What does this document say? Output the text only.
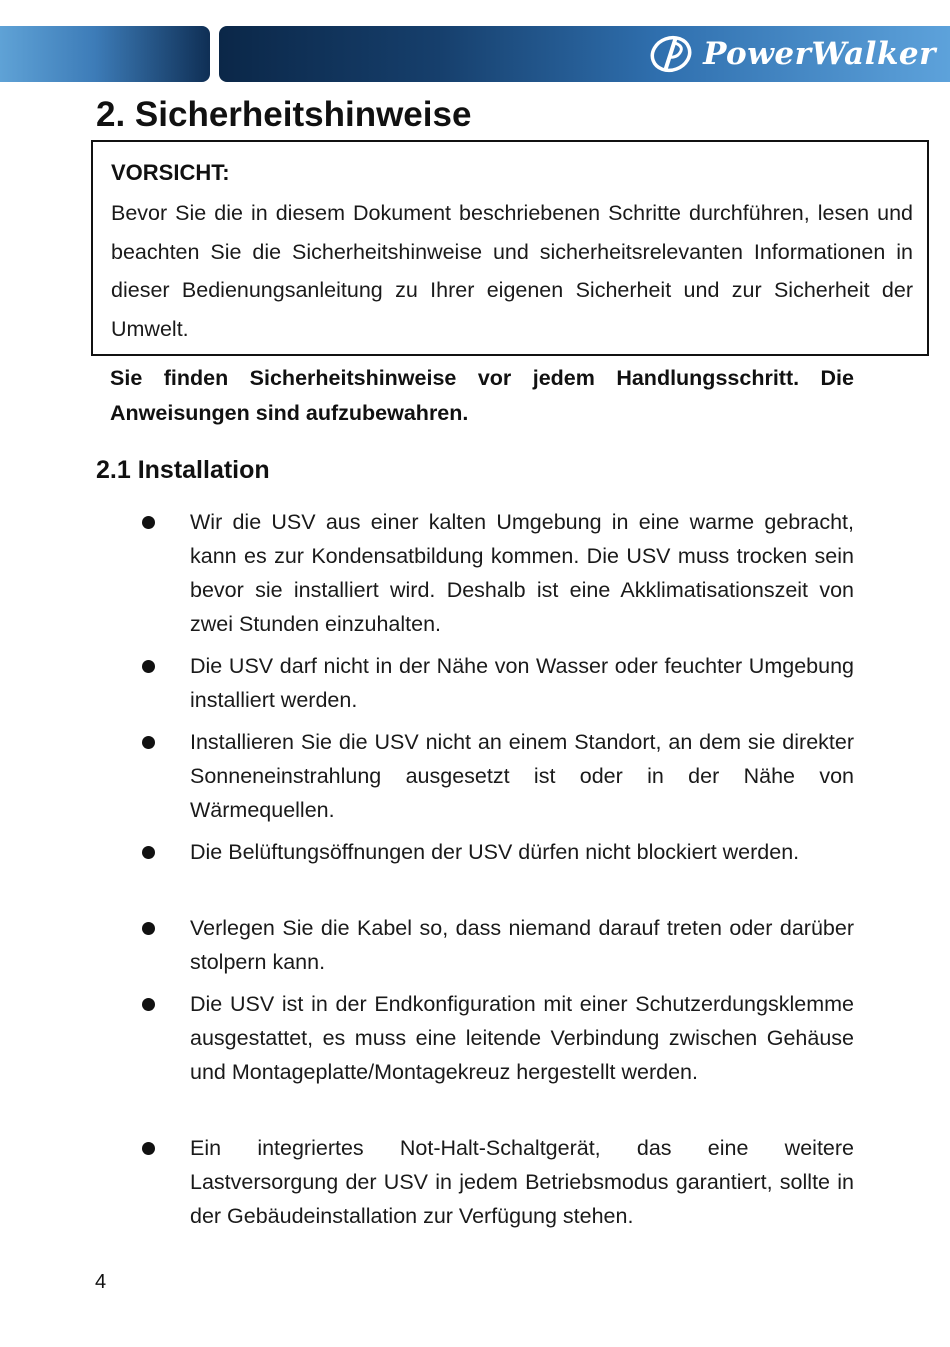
PowerWalker
2. Sicherheitshinweise
VORSICHT:
Bevor Sie die in diesem Dokument beschriebenen Schritte durchführen, lesen und beachten Sie die Sicherheitshinweise und sicherheitsrelevanten Informationen in dieser Bedienungsanleitung zu Ihrer eigenen Sicherheit und zur Sicherheit der Umwelt.

Sie finden Sicherheitshinweise vor jedem Handlungsschritt. Die Anweisungen sind aufzubewahren.

2.1 Installation
Wir die USV aus einer kalten Umgebung in eine warme gebracht, kann es zur Kondensatbildung kommen. Die USV muss trocken sein bevor sie installiert wird. Deshalb ist eine Akklimatisationszeit von zwei Stunden einzuhalten.
Die USV darf nicht in der Nähe von Wasser oder feuchter Umgebung installiert werden.
Installieren Sie die USV nicht an einem Standort, an dem sie direkter Sonneneinstrahlung ausgesetzt ist oder in der Nähe von Wärmequellen.
Die Belüftungsöffnungen der USV dürfen nicht blockiert werden.
Verlegen Sie die Kabel so, dass niemand darauf treten oder darüber stolpern kann.
Die USV ist in der Endkonfiguration mit einer Schutzerdungsklemme ausgestattet, es muss eine leitende Verbindung zwischen Gehäuse und Montageplatte/Montagekreuz hergestellt werden.
Ein integriertes Not-Halt-Schaltgerät, das eine weitere Lastversorgung der USV in jedem Betriebsmodus garantiert, sollte in der Gebäudeinstallation zur Verfügung stehen.
4
